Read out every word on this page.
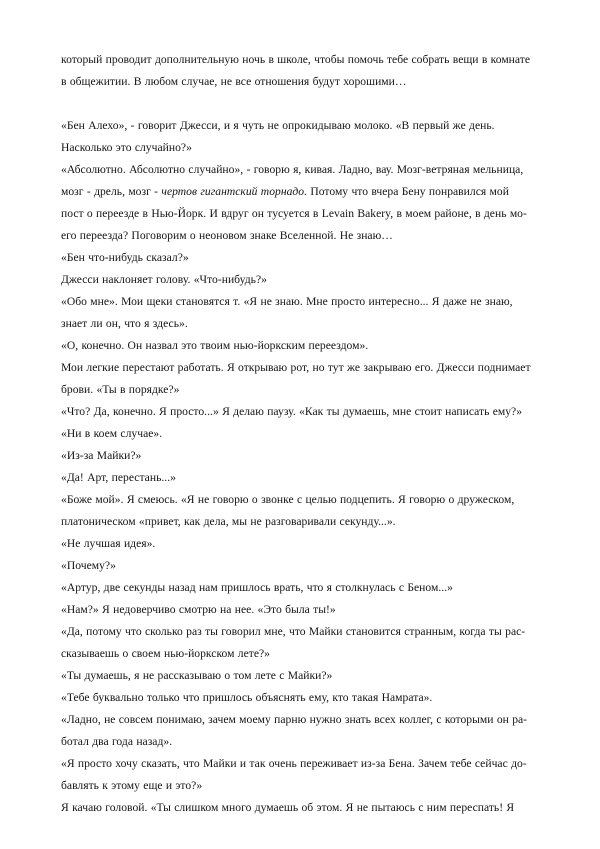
который проводит дополнительную ночь в школе, чтобы помочь тебе собрать вещи в комнате
в общежитии. В любом случае, не все отношения будут хорошими…
«Бен Алехо», - говорит Джесси, и я чуть не опрокидываю молоко. «В первый же день.
Насколько это случайно?»
«Абсолютно. Абсолютно случайно», - говорю я, кивая. Ладно, вау. Мозг-ветряная мельница,
мозг - дрель, мозг - чертов гигантский торнадо. Потому что вчера Бену понравился мой
пост о переезде в Нью-Йорк. И вдруг он тусуется в Levain Bakery, в моем районе, в день мо-
его переезда? Поговорим о неоновом знаке Вселенной. Не знаю…
«Бен что-нибудь сказал?»
Джесси наклоняет голову. «Что-нибудь?»
«Обо мне». Мои щеки становятся т. «Я не знаю. Мне просто интересно... Я даже не знаю,
знает ли он, что я здесь».
«О, конечно. Он назвал это твоим нью-йоркским переездом».
Мои легкие перестают работать. Я открываю рот, но тут же закрываю его. Джесси поднимает
брови. «Ты в порядке?»
«Что? Да, конечно. Я просто...» Я делаю паузу. «Как ты думаешь, мне стоит написать ему?»
«Ни в коем случае».
«Из-за Майки?»
«Да! Арт, перестань...»
«Боже мой». Я смеюсь. «Я не говорю о звонке с целью подцепить. Я говорю о дружеском,
платоническом «привет, как дела, мы не разговаривали секунду...».
«Не лучшая идея».
«Почему?»
«Артур, две секунды назад нам пришлось врать, что я столкнулась с Беном...»
«Нам?» Я недоверчиво смотрю на нее. «Это была ты!»
«Да, потому что сколько раз ты говорил мне, что Майки становится странным, когда ты рас-
сказываешь о своем нью-йоркском лете?»
«Ты думаешь, я не рассказываю о том лете с Майки?»
«Тебе буквально только что пришлось объяснять ему, кто такая Намрата».
«Ладно, не совсем понимаю, зачем моему парню нужно знать всех коллег, с которыми он ра-
ботал два года назад».
«Я просто хочу сказать, что Майки и так очень переживает из-за Бена. Зачем тебе сейчас до-
бавлять к этому еще и это?»
Я качаю головой. «Ты слишком много думаешь об этом. Я не пытаюсь с ним переспать! Я
